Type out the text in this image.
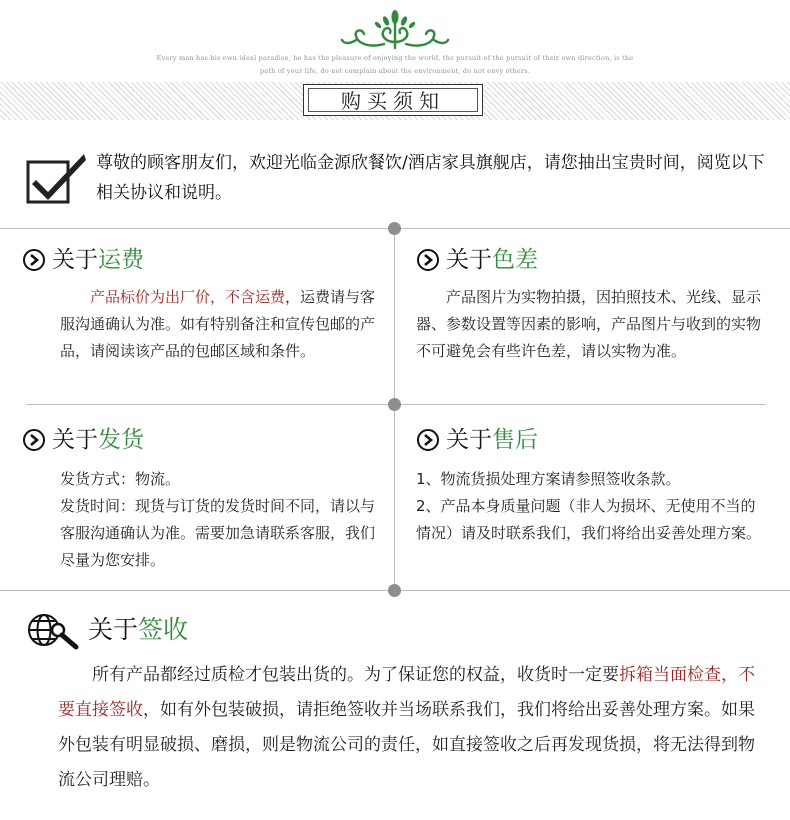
Every man has his own ideal paradise, he has the pleasure of enjoying the world, the pursuit of the pursuit of their own direction, is the
path of your life, do not complain about the environment, do not envy others.
购买须知
尊敬的顾客朋友们，欢迎光临金源欣餐饮/酒店家具旗舰店，请您抽出宝贵时间，阅览以下相关协议和说明。
关于运费
　　产品标价为出厂价，不含运费，运费请与客服沟通确认为准。如有特别备注和宣传包邮的产品，请阅读该产品的包邮区域和条件。
关于色差
　　产品图片为实物拍摄，因拍照技术、光线、显示器、参数设置等因素的影响，产品图片与收到的实物不可避免会有些许色差，请以实物为准。
关于发货
发货方式：物流。
发货时间：现货与订货的发货时间不同，请以与客服沟通确认为准。需要加急请联系客服，我们尽量为您安排。
关于售后
1、物流货损处理方案请参照签收条款。
2、产品本身质量问题（非人为损坏、无使用不当的情况）请及时联系我们，我们将给出妥善处理方案。
关于签收
　　所有产品都经过质检才包装出货的。为了保证您的权益，收货时一定要拆箱当面检查，不要直接签收，如有外包装破损，请拒绝签收并当场联系我们，我们将给出妥善处理方案。如果外包装有明显破损、磨损，则是物流公司的责任，如直接签收之后再发现货损，将无法得到物流公司理赔。
